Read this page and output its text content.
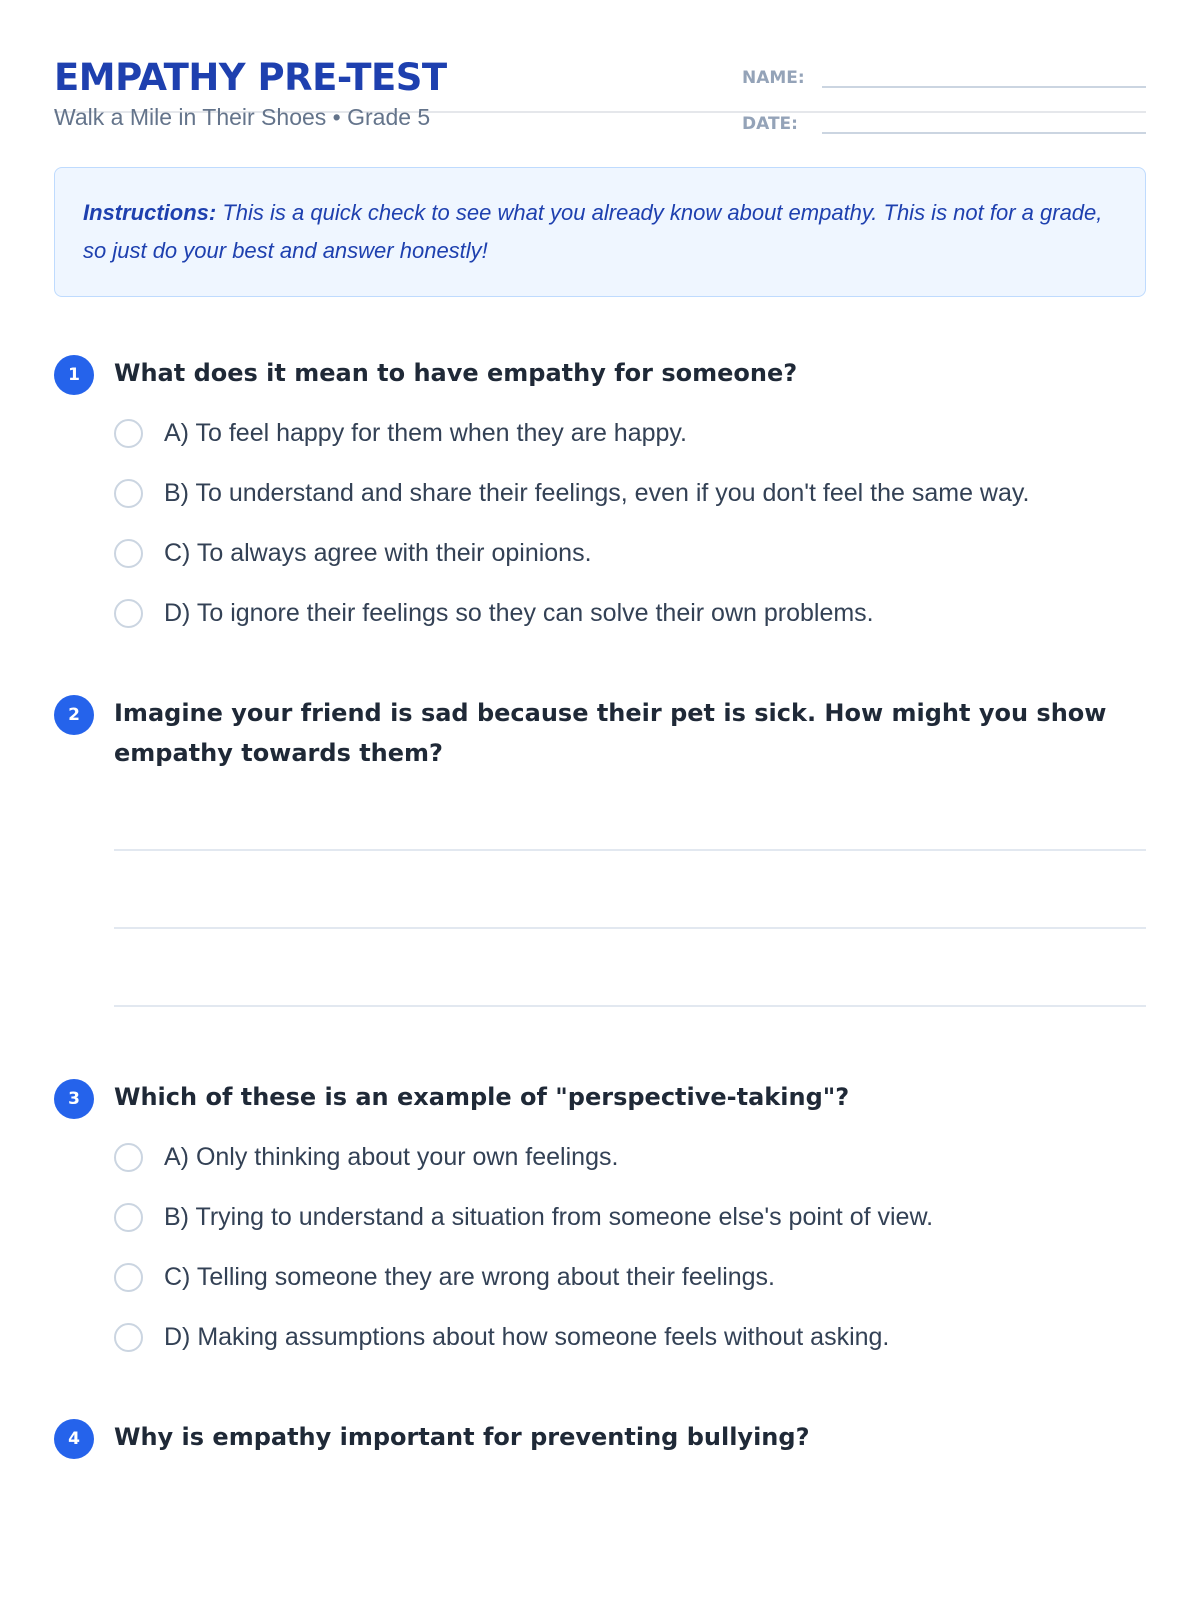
EMPATHY PRE-TEST
Walk a Mile in Their Shoes • Grade 5
NAME:
DATE:
Instructions: This is a quick check to see what you already know about empathy. This is not for a grade, so just do your best and answer honestly!
1	What does it mean to have empathy for someone?
A) To feel happy for them when they are happy.
B) To understand and share their feelings, even if you don't feel the same way.
C) To always agree with their opinions.
D) To ignore their feelings so they can solve their own problems.
2	Imagine your friend is sad because their pet is sick. How might you show empathy towards them?
3	Which of these is an example of "perspective-taking"?
A) Only thinking about your own feelings.
B) Trying to understand a situation from someone else's point of view.
C) Telling someone they are wrong about their feelings.
D) Making assumptions about how someone feels without asking.
4	Why is empathy important for preventing bullying?
